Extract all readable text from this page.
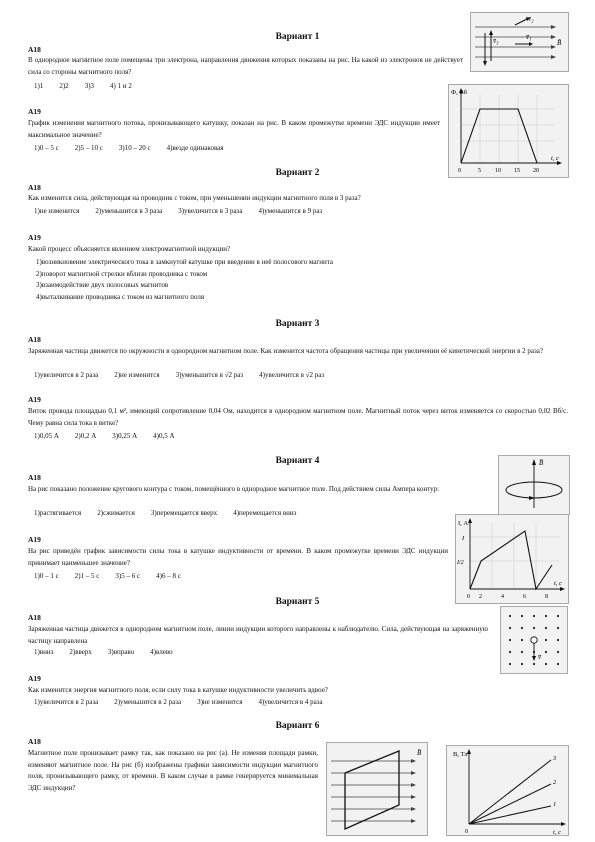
Вариант 1
А18
В однородное магнитное поле помещены три электрона, направления движения которых показаны на рис. На какой из электронов не действует сила со стороны магнитного поля?
1)1 2)2 3)3 4) 1 и 2
v̄₂
v̄₁
v̄₃	B̄
А19
График изменения магнитного потока, пронизывающего катушку, показан на рис. В каком промежутке времени ЭДС индукции имеет максимальное значение?
1)0 – 5 с 2)5 – 10 с 3)10 – 20 с 4)везде одинаковая
Ф, Вб
t, с
0	5 10 15 20
Вариант 2
А18
Как изменится сила, действующая на проводник с током, при уменьшении индукции магнитного поля в 3 раза?
1)не изменится 2)уменьшится в 3 раза 3)увеличится в 3 раза 4)уменьшится в 9 раз
А19
Какой процесс объясняется явлением электромагнитной индукции?
1)возникновение электрического тока в замкнутой катушке при введении в неё полосового магнита
2)поворот магнитной стрелки вблизи проводника с током
3)взаимодействие двух полосовых магнитов
4)выталкивание проводника с током из магнитного поля
Вариант 3
А18
Заряженная частица движется по окружности в однородном магнитном поле. Как изменится частота обращения частицы при увеличении её кинетической энергии в 2 раза?
1)увеличится в 2 раза 2)не изменится 3)уменьшится в √2 раз 4)увеличится в √2 раз
А19
Виток провода площадью 0,1 м², имеющий сопротивление 0,04 Ом, находится в однородном магнитном поле. Магнитный поток через виток изменяется со скоростью 0,02 Вб/с. Чему равна сила тока в витке?
1)0,05 А 2)0,2 А 3)0,25 А 4)0,5 А
Вариант 4	B̄
А18
На рис показано положение кругового контура с током, помещённого в однородное магнитное поле. Под действием силы Ампера контур:
1)растягивается 2)сжимается 3)перемещается вверх 4)перемещается вниз
I, А
t, c
I
I/2
0 2	4	6	8
А19
На рис приведён график зависимости силы тока в катушке индуктивности от времени. В каком промежутке времени ЭДС индукции принимает наименьшее значение?
1)0 – 1 с 2)1 – 5 с 3)5 – 6 с 4)6 – 8 с
Вариант 5
v̄
А18
Заряженная частица движется в однородном магнитном поле, линии индукции которого направлены к наблюдателю. Сила, действующая на заряженную частицу направлена
1)вниз 2)вверх 3)вправо 4)влево
А19
Как изменится энергия магнитного поля, если силу тока в катушке индуктивности увеличить вдвое?
1)увеличится в 2 раза 2)уменьшится в 2 раза 3)не изменится 4)увеличится в 4 раза
Вариант 6
А18
Магнитное поле пронизывает рамку так, как показано на рис (а). Не изменяя площади рамки, изменяют магнитное поле. На рис (б) изображены графики зависимости индукции магнитного поля, пронизывающего рамку, от времени. В каком случае в рамке генерируется минимальная ЭДС индукции?
B̄	B, Тл
t, с
0
3
2
1
